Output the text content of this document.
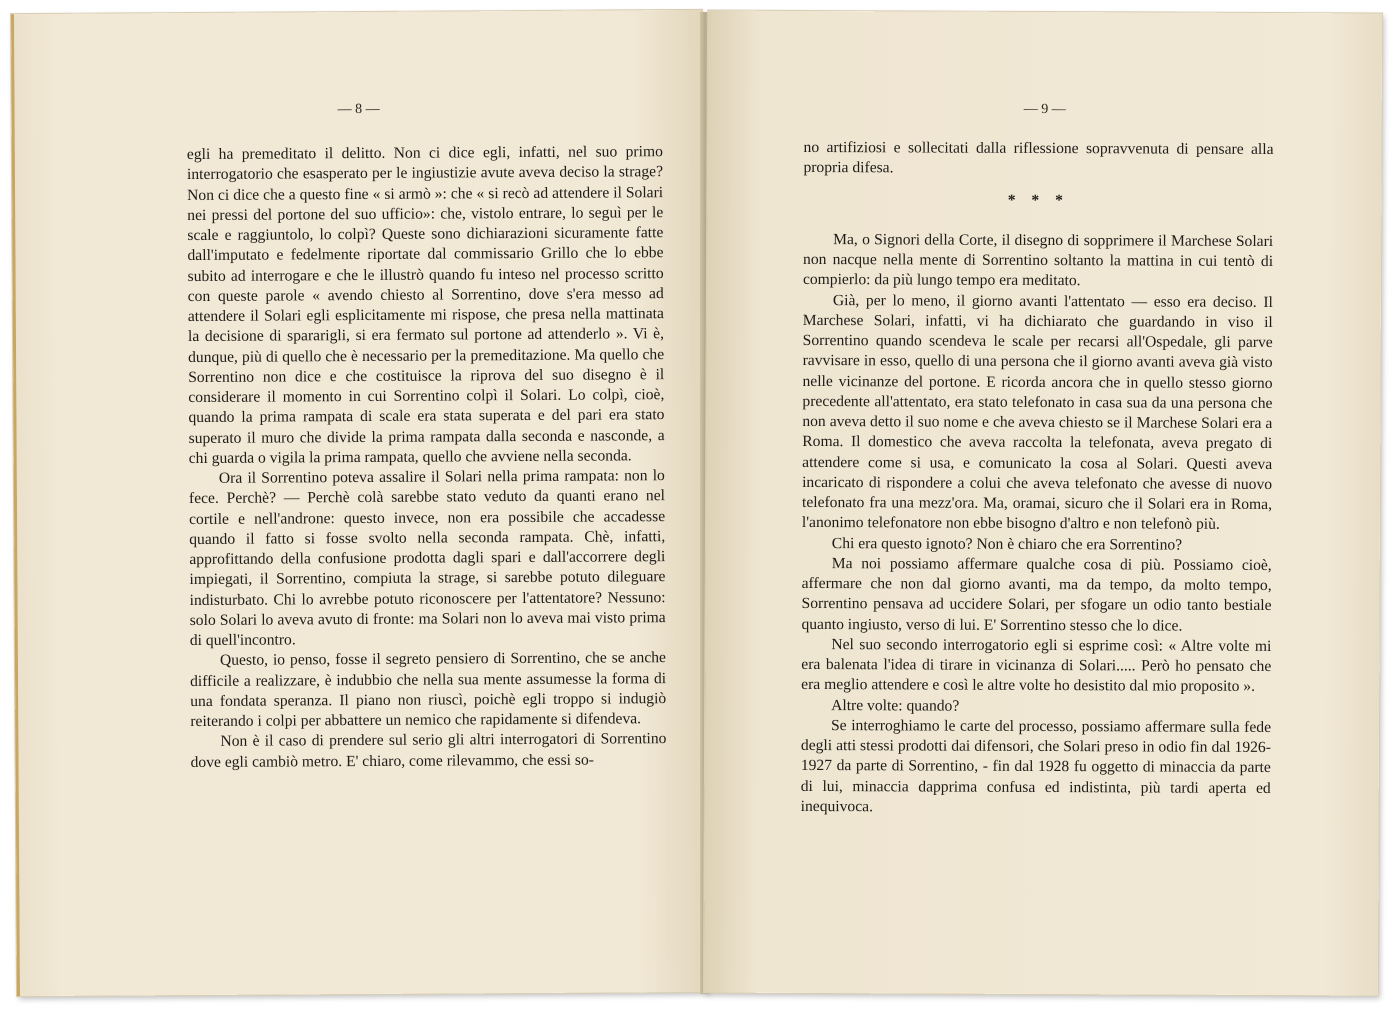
— 8 —

egli ha premeditato il delitto. Non ci dice egli, infatti, nel suo primo interrogatorio che esasperato per le ingiustizie avute aveva deciso la strage? Non ci dice che a questo fine « si armò »: che « si recò ad attendere il Solari nei pressi del portone del suo ufficio»: che, vistolo entrare, lo seguì per le scale e raggiuntolo, lo colpì? Queste sono dichiarazioni sicuramente fatte dall'imputato e fedelmente riportate dal commissario Grillo che lo ebbe subito ad interrogare e che le illustrò quando fu inteso nel processo scritto con queste parole « avendo chiesto al Sorrentino, dove s'era messo ad attendere il Solari egli esplicitamente mi rispose, che presa nella mattinata la decisione di spararigli, si era fermato sul portone ad attenderlo ». Vi è, dunque, più di quello che è necessario per la premeditazione. Ma quello che Sorrentino non dice e che costituisce la riprova del suo disegno è il considerare il momento in cui Sorrentino colpì il Solari. Lo colpì, cioè, quando la prima rampata di scale era stata superata e del pari era stato superato il muro che divide la prima rampata dalla seconda e nasconde, a chi guarda o vigila la prima rampata, quello che avviene nella seconda.

Ora il Sorrentino poteva assalire il Solari nella prima rampata: non lo fece. Perchè? — Perchè colà sarebbe stato veduto da quanti erano nel cortile e nell'androne: questo invece, non era possibile che accadesse quando il fatto si fosse svolto nella seconda rampata. Chè, infatti, approfittando della confusione prodotta dagli spari e dall'accorrere degli impiegati, il Sorrentino, compiuta la strage, si sarebbe potuto dileguare indisturbato. Chi lo avrebbe potuto riconoscere per l'attentatore? Nessuno: solo Solari lo aveva avuto di fronte: ma Solari non lo aveva mai visto prima di quell'incontro.

Questo, io penso, fosse il segreto pensiero di Sorrentino, che se anche difficile a realizzare, è indubbio che nella sua mente assumesse la forma di una fondata speranza. Il piano non riuscì, poichè egli troppo si indugiò reiterando i colpi per abbattere un nemico che rapidamente si difendeva.

Non è il caso di prendere sul serio gli altri interrogatori di Sorrentino dove egli cambiò metro. E' chiaro, come rilevammo, che essi so-

— 9 —

no artifiziosi e sollecitati dalla riflessione sopravvenuta di pensare alla propria difesa.

* * *

Ma, o Signori della Corte, il disegno di sopprimere il Marchese Solari non nacque nella mente di Sorrentino soltanto la mattina in cui tentò di compierlo: da più lungo tempo era meditato.

Già, per lo meno, il giorno avanti l'attentato — esso era deciso. Il Marchese Solari, infatti, vi ha dichiarato che guardando in viso il Sorrentino quando scendeva le scale per recarsi all'Ospedale, gli parve ravvisare in esso, quello di una persona che il giorno avanti aveva già visto nelle vicinanze del portone. E ricorda ancora che in quello stesso giorno precedente all'attentato, era stato telefonato in casa sua da una persona che non aveva detto il suo nome e che aveva chiesto se il Marchese Solari era a Roma. Il domestico che aveva raccolta la telefonata, aveva pregato di attendere come si usa, e comunicato la cosa al Solari. Questi aveva incaricato di rispondere a colui che aveva telefonato che avesse di nuovo telefonato fra una mezz'ora. Ma, oramai, sicuro che il Solari era in Roma, l'anonimo telefonatore non ebbe bisogno d'altro e non telefonò più.

Chi era questo ignoto? Non è chiaro che era Sorrentino?

Ma noi possiamo affermare qualche cosa di più. Possiamo cioè, affermare che non dal giorno avanti, ma da tempo, da molto tempo, Sorrentino pensava ad uccidere Solari, per sfogare un odio tanto bestiale quanto ingiusto, verso di lui. E' Sorrentino stesso che lo dice.

Nel suo secondo interrogatorio egli si esprime così: « Altre volte mi era balenata l'idea di tirare in vicinanza di Solari..... Però ho pensato che era meglio attendere e così le altre volte ho desistito dal mio proposito ».

Altre volte: quando?

Se interroghiamo le carte del processo, possiamo affermare sulla fede degli atti stessi prodotti dai difensori, che Solari preso in odio fin dal 1926-1927 da parte di Sorrentino, - fin dal 1928 fu oggetto di minaccia da parte di lui, minaccia dapprima confusa ed indistinta, più tardi aperta ed inequivoca.
